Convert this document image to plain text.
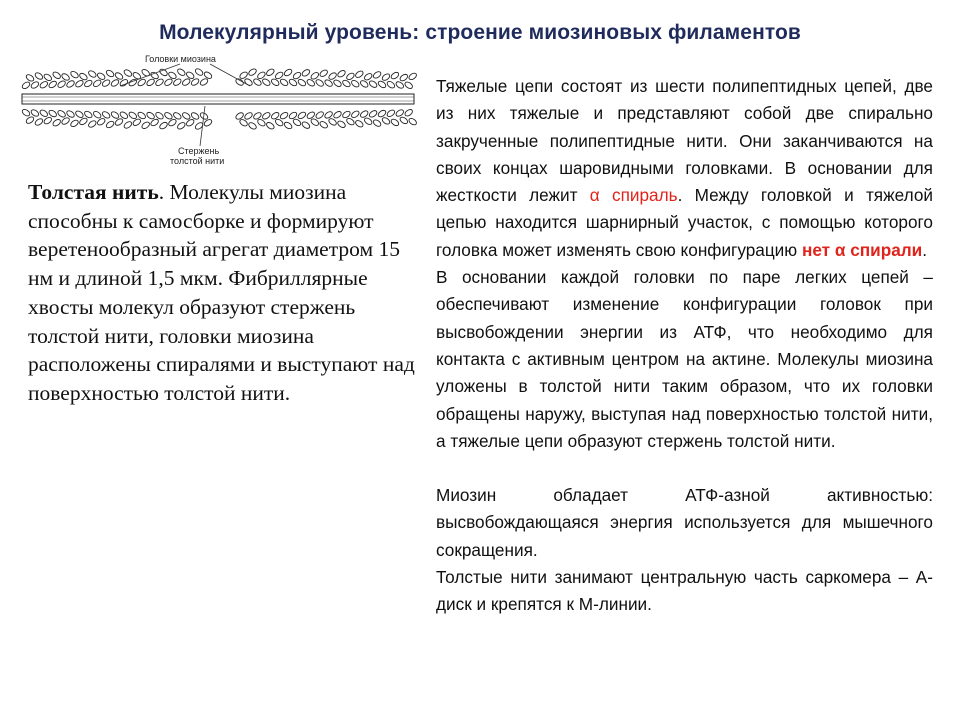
Молекулярный уровень: строение миозиновых филаментов
Головки миозина
Стержень
толстой нити
Толстая нить. Молекулы миозина способны к самосборке и формируют веретенообразный агрегат диаметром 15 нм и длиной 1,5 мкм. Фибриллярные хвосты молекул образуют стержень толстой нити, головки миозина расположены спиралями и выступают над поверхностью толстой нити.

Тяжелые цепи состоят из шести полипептидных цепей, две из них тяжелые и представляют собой две спирально закрученные полипептидные нити. Они заканчиваются на своих концах шаровидными головками. В основании для жесткости лежит α спираль. Между головкой и тяжелой цепью находится шарнирный участок, с помощью которого головка может изменять свою конфигурацию нет α спирали.

В основании каждой головки по паре легких цепей – обеспечивают изменение конфигурации головок при высвобождении энергии из АТФ, что необходимо для контакта с активным центром на актине. Молекулы миозина уложены в толстой нити таким образом, что их головки обращены наружу, выступая над поверхностью толстой нити, а тяжелые цепи образуют стержень толстой нити.

Миозин обладает АТФ-азной активностью: высвобождающаяся энергия используется для мышечного сокращения.

Толстые нити занимают центральную часть саркомера – А-диск и крепятся к М-линии.
